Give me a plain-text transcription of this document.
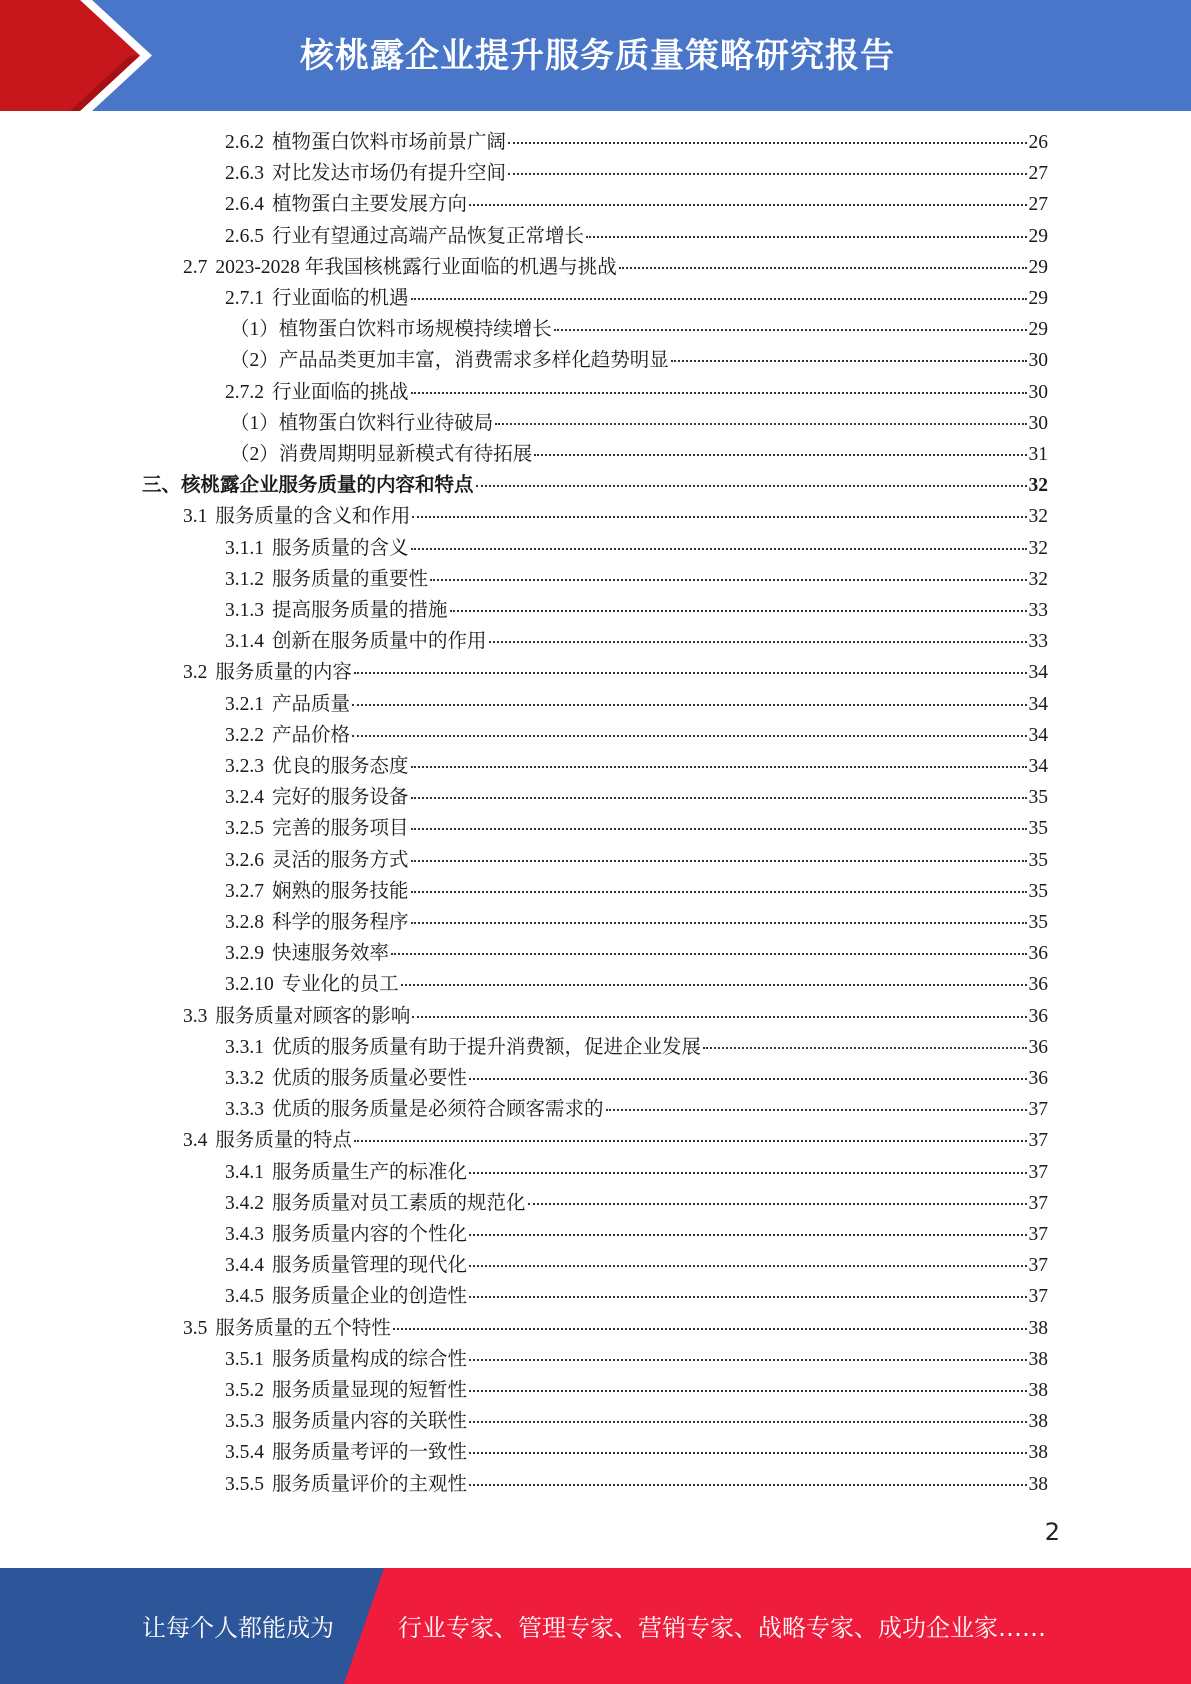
核桃露企业提升服务质量策略研究报告
2.6.2 植物蛋白饮料市场前景广阔	26
2.6.3 对比发达市场仍有提升空间	27
2.6.4 植物蛋白主要发展方向	27
2.6.5 行业有望通过高端产品恢复正常增长	29
2.7 2023-2028 年我国核桃露行业面临的机遇与挑战	29
2.7.1 行业面临的机遇	29
（1） 植物蛋白饮料市场规模持续增长	29
（2） 产品品类更加丰富，消费需求多样化趋势明显	30
2.7.2 行业面临的挑战	30
（1） 植物蛋白饮料行业待破局	30
（2） 消费周期明显新模式有待拓展	31
三、 核桃露企业服务质量的内容和特点	32
3.1 服务质量的含义和作用	32
3.1.1 服务质量的含义	32
3.1.2 服务质量的重要性	32
3.1.3 提高服务质量的措施	33
3.1.4 创新在服务质量中的作用	33
3.2 服务质量的内容	34
3.2.1 产品质量	34
3.2.2 产品价格	34
3.2.3 优良的服务态度	34
3.2.4 完好的服务设备	35
3.2.5 完善的服务项目	35
3.2.6 灵活的服务方式	35
3.2.7 娴熟的服务技能	35
3.2.8 科学的服务程序	35
3.2.9 快速服务效率	36
3.2.10 专业化的员工	36
3.3 服务质量对顾客的影响	36
3.3.1 优质的服务质量有助于提升消费额，促进企业发展	36
3.3.2 优质的服务质量必要性	36
3.3.3 优质的服务质量是必须符合顾客需求的	37
3.4 服务质量的特点	37
3.4.1 服务质量生产的标准化	37
3.4.2 服务质量对员工素质的规范化	37
3.4.3 服务质量内容的个性化	37
3.4.4 服务质量管理的现代化	37
3.4.5 服务质量企业的创造性	37
3.5 服务质量的五个特性	38
3.5.1 服务质量构成的综合性	38
3.5.2 服务质量显现的短暂性	38
3.5.3 服务质量内容的关联性	38
3.5.4 服务质量考评的一致性	38
3.5.5 服务质量评价的主观性	38
2
让每个人都能成为	行业专家、管理专家、营销专家、战略专家、成功企业家……
